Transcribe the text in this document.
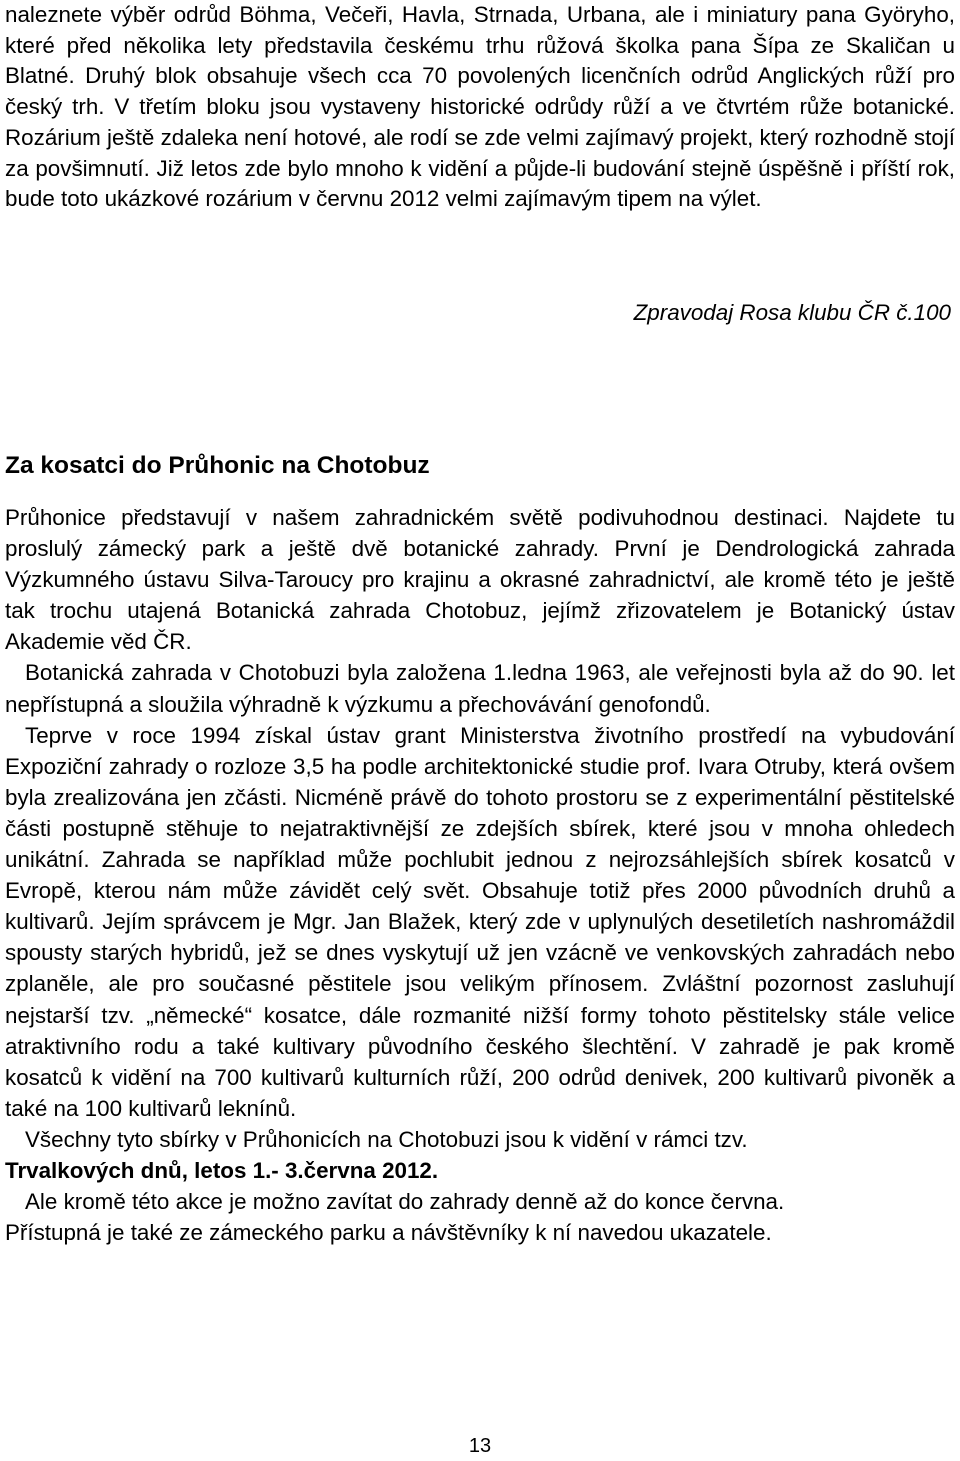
naleznete výběr odrůd Böhma, Večeři, Havla, Strnada, Urbana, ale i miniatury pana Györyho, které před několika lety představila českému trhu růžová školka pana Šípa ze Skaličan u Blatné. Druhý blok obsahuje všech cca 70 povolených licenčních odrůd Anglických růží pro český trh. V třetím bloku jsou vystaveny historické odrůdy růží a ve čtvrtém růže botanické. Rozárium ještě zdaleka není hotové, ale rodí se zde velmi zajímavý projekt, který rozhodně stojí za povšimnutí. Již letos zde bylo mnoho k vidění a půjde-li budování stejně úspěšně i příští rok, bude toto ukázkové rozárium v červnu 2012 velmi zajímavým tipem na výlet.

Zpravodaj Rosa klubu ČR č.100
Za kosatci do Průhonic na Chotobuz

Průhonice představují v našem zahradnickém světě podivuhodnou destinaci. Najdete tu proslulý zámecký park a ještě dvě botanické zahrady. První je Dendrologická zahrada Výzkumného ústavu Silva-Taroucy pro krajinu a okrasné zahradnictví, ale kromě této je ještě tak trochu utajená Botanická zahrada Chotobuz, jejímž zřizovatelem je Botanický ústav Akademie věd ČR.

Botanická zahrada v Chotobuzi byla založena 1.ledna 1963, ale veřejnosti byla až do 90. let nepřístupná a sloužila výhradně k výzkumu a přechovávání genofondů.

Teprve v roce 1994 získal ústav grant Ministerstva životního prostředí na vybudování Expoziční zahrady o rozloze 3,5 ha podle architektonické studie prof. Ivara Otruby, která ovšem byla zrealizována jen zčásti. Nicméně právě do tohoto prostoru se z experimentální pěstitelské části postupně stěhuje to nejatraktivnější ze zdejších sbírek, které jsou v mnoha ohledech unikátní. Zahrada se například může pochlubit jednou z nejrozsáhlejších sbírek kosatců v Evropě, kterou nám může závidět celý svět. Obsahuje totiž přes 2000 původních druhů a kultivarů. Jejím správcem je Mgr. Jan Blažek, který zde v uplynulých desetiletích nashromáždil spousty starých hybridů, jež se dnes vyskytují už jen vzácně ve venkovských zahradách nebo zplaněle, ale pro současné pěstitele jsou velikým přínosem. Zvláštní pozornost zasluhují nejstarší tzv. „německé“ kosatce, dále rozmanité nižší formy tohoto pěstitelsky stále velice atraktivního rodu a také kultivary původního českého šlechtění. V zahradě je pak kromě kosatců k vidění na 700 kultivarů kulturních růží, 200 odrůd denivek, 200 kultivarů pivoněk a také na 100 kultivarů leknínů.

Všechny tyto sbírky v Průhonicích na Chotobuzi jsou k vidění v rámci tzv.

Trvalkových dnů, letos 1.- 3.června 2012.

Ale kromě této akce je možno zavítat do zahrady denně až do konce června.

Přístupná je také ze zámeckého parku a návštěvníky k ní navedou ukazatele.

13
